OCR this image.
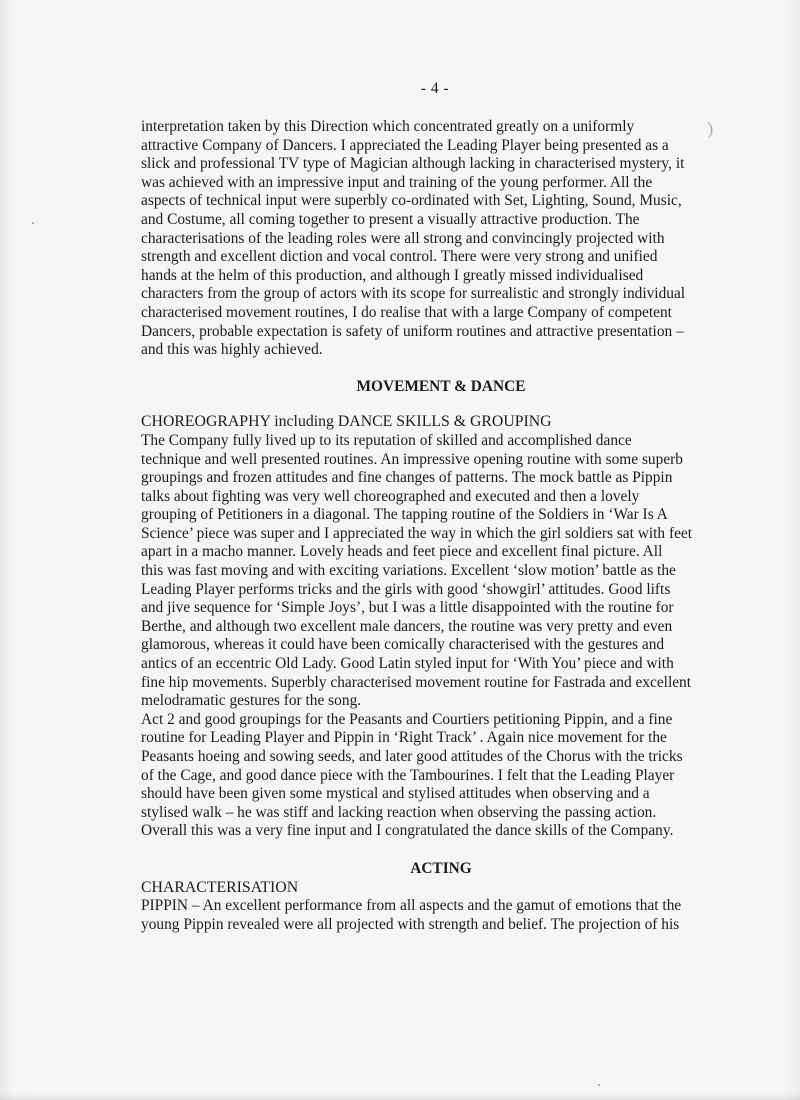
- 4 -
)
interpretation taken by this Direction which concentrated greatly on a uniformly
attractive Company of Dancers. I appreciated the Leading Player being presented as a
slick and professional TV type of Magician although lacking in characterised mystery, it
was achieved with an impressive input and training of the young performer. All the
aspects of technical input were superbly co-ordinated with Set, Lighting, Sound, Music,
and Costume, all coming together to present a visually attractive production. The
characterisations of the leading roles were all strong and convincingly projected with
strength and excellent diction and vocal control. There were very strong and unified
hands at the helm of this production, and although I greatly missed individualised
characters from the group of actors with its scope for surrealistic and strongly individual
characterised movement routines, I do realise that with a large Company of competent
Dancers, probable expectation is safety of uniform routines and attractive presentation –
and this was highly achieved.
MOVEMENT & DANCE
CHOREOGRAPHY including DANCE SKILLS & GROUPING
The Company fully lived up to its reputation of skilled and accomplished dance
technique and well presented routines. An impressive opening routine with some superb
groupings and frozen attitudes and fine changes of patterns. The mock battle as Pippin
talks about fighting was very well choreographed and executed and then a lovely
grouping of Petitioners in a diagonal. The tapping routine of the Soldiers in ‘War Is A
Science’ piece was super and I appreciated the way in which the girl soldiers sat with feet
apart in a macho manner. Lovely heads and feet piece and excellent final picture. All
this was fast moving and with exciting variations. Excellent ‘slow motion’ battle as the
Leading Player performs tricks and the girls with good ‘showgirl’ attitudes. Good lifts
and jive sequence for ‘Simple Joys’, but I was a little disappointed with the routine for
Berthe, and although two excellent male dancers, the routine was very pretty and even
glamorous, whereas it could have been comically characterised with the gestures and
antics of an eccentric Old Lady. Good Latin styled input for ‘With You’ piece and with
fine hip movements. Superbly characterised movement routine for Fastrada and excellent
melodramatic gestures for the song.
Act 2 and good groupings for the Peasants and Courtiers petitioning Pippin, and a fine
routine for Leading Player and Pippin in ‘Right Track’ . Again nice movement for the
Peasants hoeing and sowing seeds, and later good attitudes of the Chorus with the tricks
of the Cage, and good dance piece with the Tambourines. I felt that the Leading Player
should have been given some mystical and stylised attitudes when observing and a
stylised walk – he was stiff and lacking reaction when observing the passing action.
Overall this was a very fine input and I congratulated the dance skills of the Company.
ACTING
CHARACTERISATION
PIPPIN – An excellent performance from all aspects and the gamut of emotions that the
young Pippin revealed were all projected with strength and belief. The projection of his
